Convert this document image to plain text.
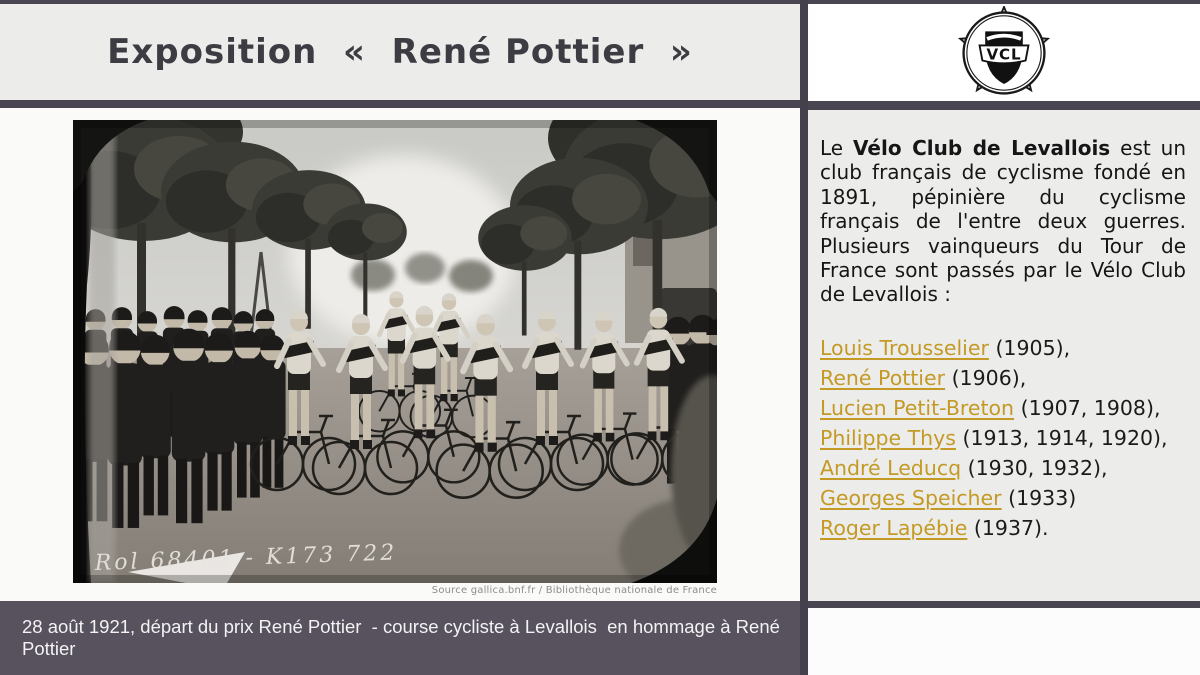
Exposition  «  René Pottier  »
Rol 68401 - K173 722
Source gallica.bnf.fr / Bibliothèque nationale de France
28 août 1921, départ du prix René Pottier  - course cycliste à Levallois  en hommage à René Pottier
VCL

Le Vélo Club de Levallois est un club français de cyclisme fondé en 1891, pépinière du cyclisme français de l'entre deux guerres. Plusieurs vainqueurs du Tour de France sont passés par le Vélo Club de Levallois :

Louis Trousselier (1905),
René Pottier (1906),
Lucien Petit-Breton (1907, 1908),
Philippe Thys (1913, 1914, 1920),
André Leducq (1930, 1932),
Georges Speicher (1933)
Roger Lapébie (1937).
